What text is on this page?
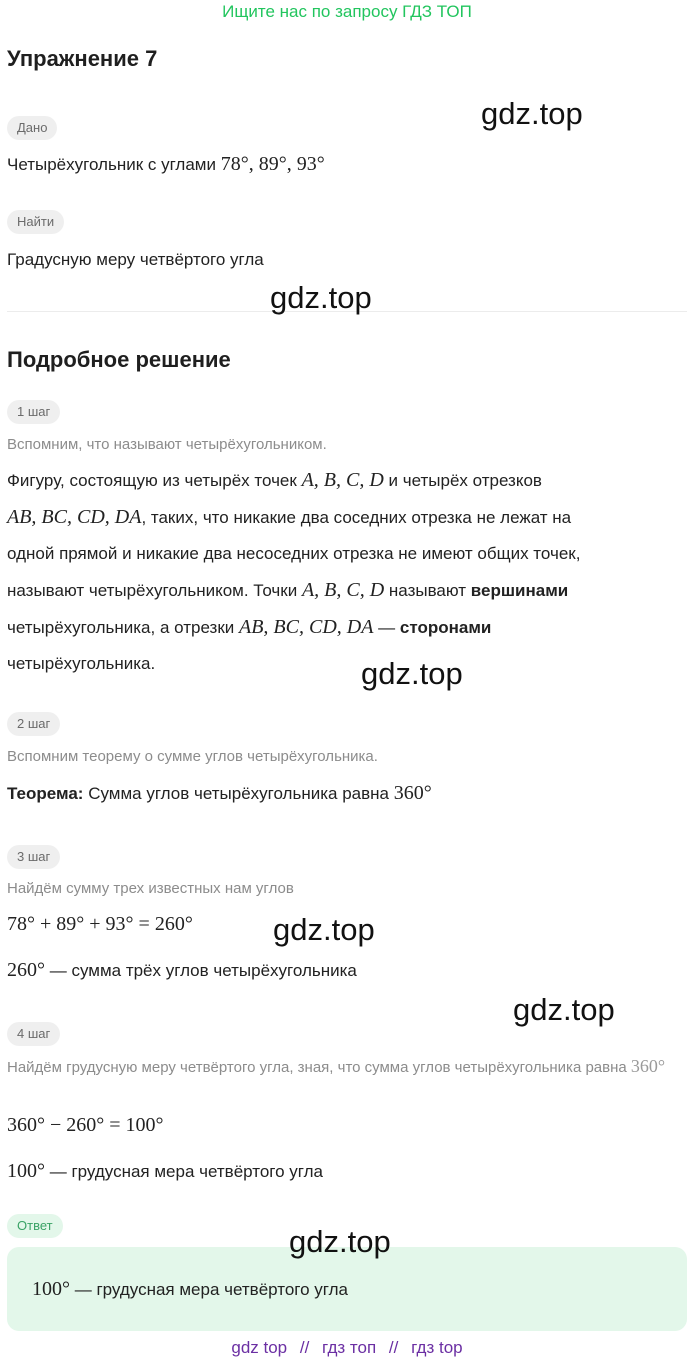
Ищите нас по запросу ГДЗ ТОП
Упражнение 7
Дано
Четырёхугольник с углами 78°, 89°, 93°
Найти
Градусную меру четвёртого угла
Подробное решение
1 шаг
Вспомним, что называют четырёхугольником.
Фигуру, состоящую из четырёх точек A, B, C, D и четырёх отрезков
AB, BC, CD, DA, таких, что никакие два соседних отрезка не лежат на
одной прямой и никакие два несоседних отрезка не имеют общих точек,
называют четырёхугольником. Точки A, B, C, D называют вершинами
четырёхугольника, а отрезки AB, BC, CD, DA — сторонами
четырёхугольника.
2 шаг
Вспомним теорему о сумме углов четырёхугольника.
Теорема: Сумма углов четырёхугольника равна 360°
3 шаг
Найдём сумму трех известных нам углов
78° + 89° + 93° = 260°
260° — сумма трёх углов четырёхугольника
4 шаг
Найдём грудусную меру четвёртого угла, зная, что сумма углов четырёхугольника равна 360°
360° − 260° = 100°
100° — грудусная мера четвёртого угла
Ответ
100° — грудусная мера четвёртого угла
gdz.top
gdz.top
gdz.top
gdz.top
gdz.top
gdz.top
gdz top // гдз топ // гдз top
